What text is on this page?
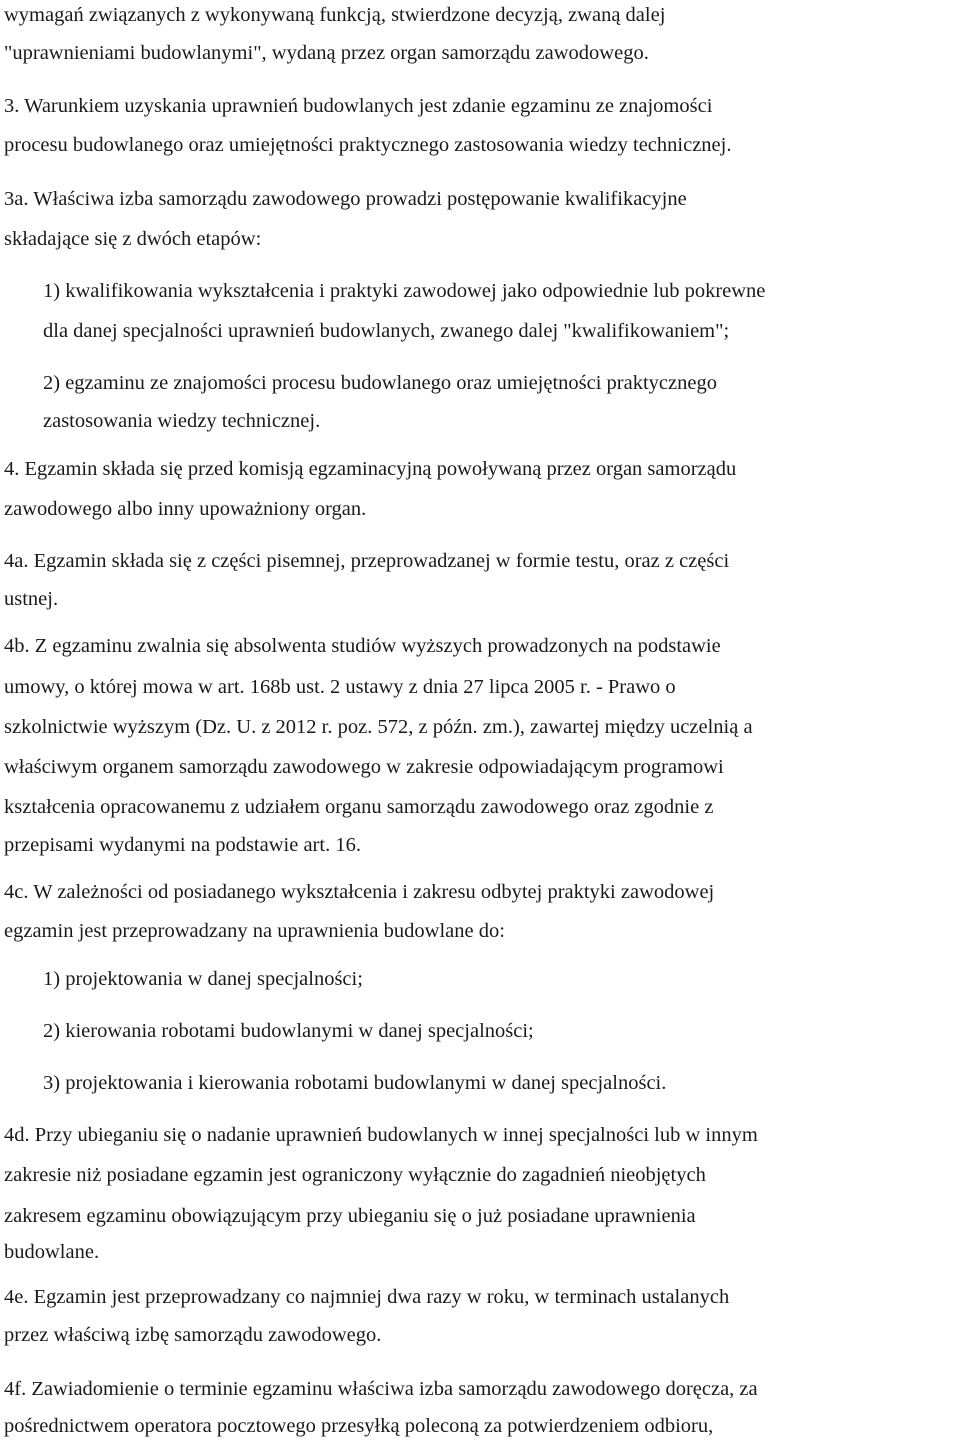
wymagań związanych z wykonywaną funkcją, stwierdzone decyzją, zwaną dalej

"uprawnieniami budowlanymi", wydaną przez organ samorządu zawodowego.

3. Warunkiem uzyskania uprawnień budowlanych jest zdanie egzaminu ze znajomości

procesu budowlanego oraz umiejętności praktycznego zastosowania wiedzy technicznej.

3a. Właściwa izba samorządu zawodowego prowadzi postępowanie kwalifikacyjne

składające się z dwóch etapów:

1) kwalifikowania wykształcenia i praktyki zawodowej jako odpowiednie lub pokrewne

dla danej specjalności uprawnień budowlanych, zwanego dalej "kwalifikowaniem";

2) egzaminu ze znajomości procesu budowlanego oraz umiejętności praktycznego

zastosowania wiedzy technicznej.

4. Egzamin składa się przed komisją egzaminacyjną powoływaną przez organ samorządu

zawodowego albo inny upoważniony organ.

4a. Egzamin składa się z części pisemnej, przeprowadzanej w formie testu, oraz z części

ustnej.

4b. Z egzaminu zwalnia się absolwenta studiów wyższych prowadzonych na podstawie

umowy, o której mowa w art. 168b ust. 2 ustawy z dnia 27 lipca 2005 r. - Prawo o

szkolnictwie wyższym (Dz. U. z 2012 r. poz. 572, z późn. zm.), zawartej między uczelnią a

właściwym organem samorządu zawodowego w zakresie odpowiadającym programowi

kształcenia opracowanemu z udziałem organu samorządu zawodowego oraz zgodnie z

przepisami wydanymi na podstawie art. 16.

4c. W zależności od posiadanego wykształcenia i zakresu odbytej praktyki zawodowej

egzamin jest przeprowadzany na uprawnienia budowlane do:

1) projektowania w danej specjalności;

2) kierowania robotami budowlanymi w danej specjalności;

3) projektowania i kierowania robotami budowlanymi w danej specjalności.

4d. Przy ubieganiu się o nadanie uprawnień budowlanych w innej specjalności lub w innym

zakresie niż posiadane egzamin jest ograniczony wyłącznie do zagadnień nieobjętych

zakresem egzaminu obowiązującym przy ubieganiu się o już posiadane uprawnienia

budowlane.

4e. Egzamin jest przeprowadzany co najmniej dwa razy w roku, w terminach ustalanych

przez właściwą izbę samorządu zawodowego.

4f. Zawiadomienie o terminie egzaminu właściwa izba samorządu zawodowego doręcza, za

pośrednictwem operatora pocztowego przesyłką poleconą za potwierdzeniem odbioru,
